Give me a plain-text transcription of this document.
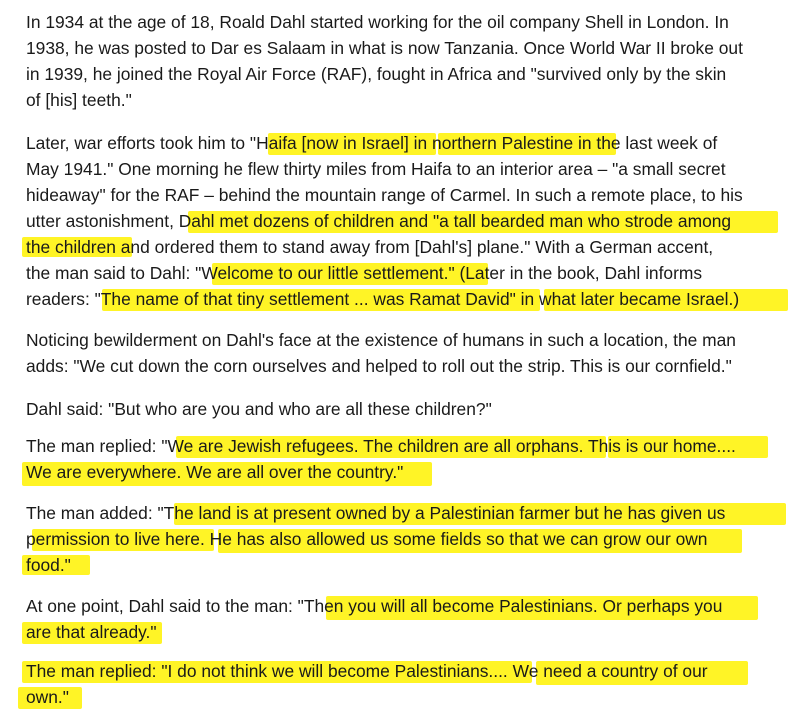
In 1934 at the age of 18, Roald Dahl started working for the oil company Shell in London. In
1938, he was posted to Dar es Salaam in what is now Tanzania. Once World War II broke out
in 1939, he joined the Royal Air Force (RAF), fought in Africa and "survived only by the skin
of [his] teeth."
Later, war efforts took him to "Haifa [now in Israel] in northern Palestine in the last week of
May 1941." One morning he flew thirty miles from Haifa to an interior area – "a small secret
hideaway" for the RAF – behind the mountain range of Carmel. In such a remote place, to his
utter astonishment, Dahl met dozens of children and "a tall bearded man who strode among
the children and ordered them to stand away from [Dahl's] plane." With a German accent,
the man said to Dahl: "Welcome to our little settlement." (Later in the book, Dahl informs
readers: "The name of that tiny settlement ... was Ramat David" in what later became Israel.)
Noticing bewilderment on Dahl's face at the existence of humans in such a location, the man
adds: "We cut down the corn ourselves and helped to roll out the strip. This is our cornfield."
Dahl said: "But who are you and who are all these children?"
The man replied: "We are Jewish refugees. The children are all orphans. This is our home....
We are everywhere. We are all over the country."
The man added: "The land is at present owned by a Palestinian farmer but he has given us
permission to live here. He has also allowed us some fields so that we can grow our own
food."
At one point, Dahl said to the man: "Then you will all become Palestinians. Or perhaps you
are that already."
The man replied: "I do not think we will become Palestinians.... We need a country of our
own."
